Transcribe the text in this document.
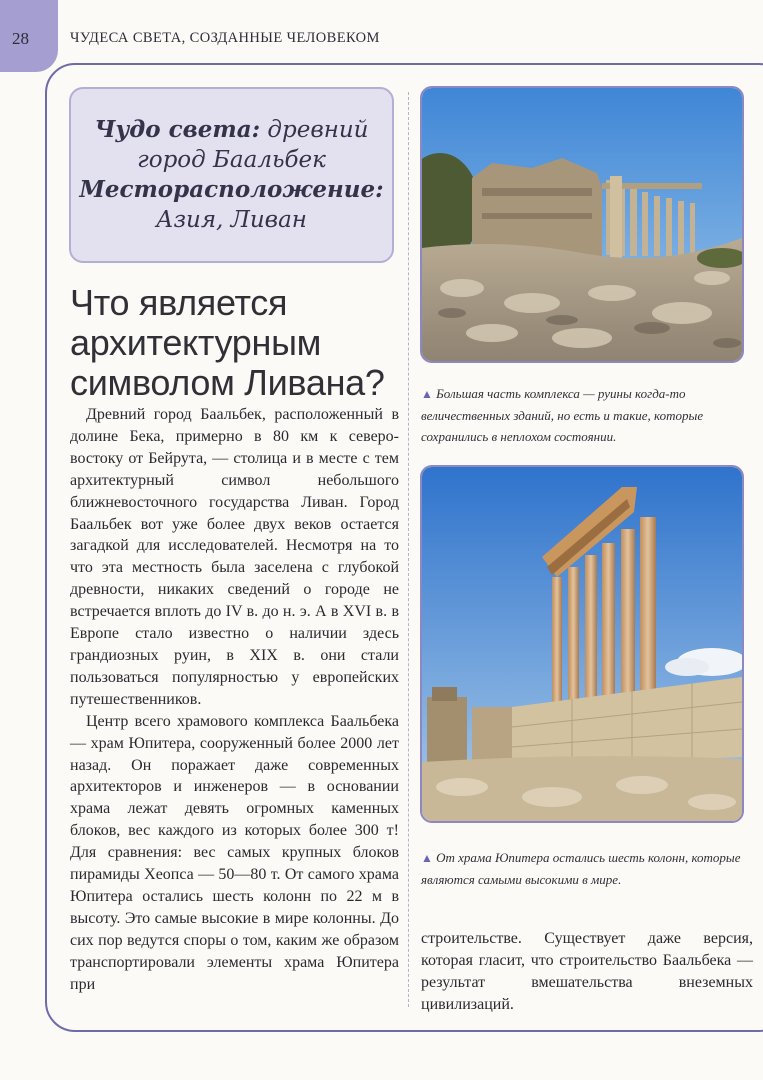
28	ЧУДЕСА СВЕТА, СОЗДАННЫЕ ЧЕЛОВЕКОМ
Чудо света: древний
город Баальбек
Месторасположение:
Азия, Ливан
Что является
архитектурным
символом Ливана?

Древний город Баальбек, расположенный в долине Бека, примерно в 80 км к северо-востоку от Бейрута, — столица и в месте с тем архитектурный символ небольшого ближневосточного государства Ливан. Город Баальбек вот уже более двух веков остается загадкой для исследователей. Несмотря на то что эта местность была заселена с глубокой древности, никаких сведений о городе не встречается вплоть до IV в. до н. э. А в XVI в. в Европе стало известно о наличии здесь грандиозных руин, в XIX в. они стали пользоваться популярностью у европейских путешественников.

Центр всего храмового комплекса Баальбека — храм Юпитера, сооруженный более 2000 лет назад. Он поражает даже современных архитекторов и инженеров — в основании храма лежат девять огромных каменных блоков, вес каждого из которых более 300 т! Для сравнения: вес самых крупных блоков пирамиды Хеопса — 50—80 т. От самого храма Юпитера остались шесть колонн по 22 м в высоту. Это самые высокие в мире колонны. До сих пор ведутся споры о том, каким же образом транспортировали элементы храма Юпитера при

▲ Большая часть комплекса — руины когда-то величественных зданий, но есть и такие, которые сохранились в неплохом состоянии.
▲ От храма Юпитера остались шесть колонн, которые являются самыми высокими в мире.

строительстве. Существует даже версия, которая гласит, что строительство Баальбека — результат вмешательства внеземных цивилизаций.
